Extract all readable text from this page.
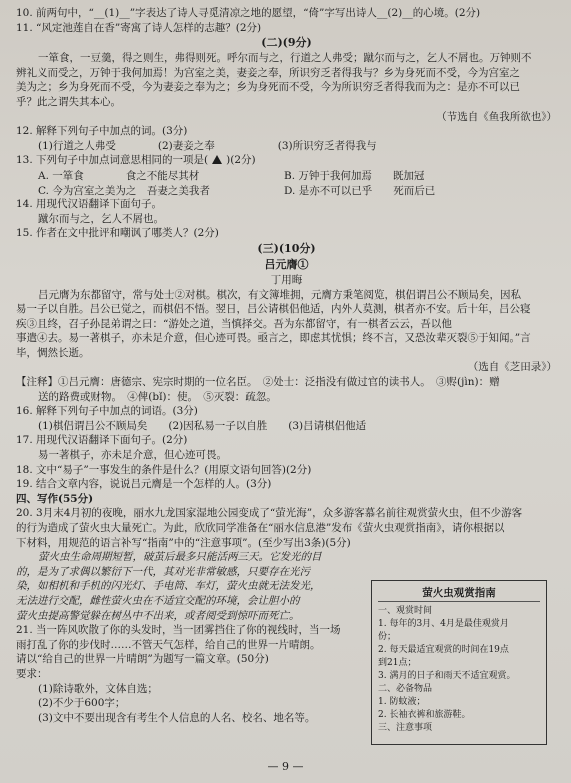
10. 前两句中，“__(1)__”字表达了诗人寻觅清凉之地的愿望，“倚”字写出诗人__(2)__的心境。(2分)
11. “风定池莲自在香”寄寓了诗人怎样的志趣？(2分)
(二)(9分)
一箪食，一豆羹，得之则生，弗得则死。呼尔而与之，行道之人弗受；蹴尔而与之，乞人不屑也。万钟则不
辨礼义而受之，万钟于我何加焉！为宫室之美，妻妾之奉，所识穷乏者得我与？乡为身死而不受，今为宫室之
美为之；乡为身死而不受，今为妻妾之奉为之；乡为身死而不受，今为所识穷乏者得我而为之：是亦不可以已
乎？此之谓失其本心。
（节选自《鱼我所欲也》）
12. 解释下列句子中加点的词。(3分)
(1)行道之人弗受　　　　(2)妻妾之奉　　　　　　(3)所识穷乏者得我与
13. 下列句子中加点词意思相同的一项是( )(2分)
A. 一箪食　　　　食之不能尽其材	B. 万钟于我何加焉　　既加冠
C. 今为宫室之美为之　吾妻之美我者	D. 是亦不可以已乎　　死而后已
14. 用现代汉语翻译下面句子。
蹴尔而与之，乞人不屑也。
15. 作者在文中批评和嘲讽了哪类人？(2分)
(三)(10分)
吕元膺①
丁用晦
吕元膺为东都留守，常与处士②对棋。棋次，有文簿堆拥，元膺方秉笔阅览，棋侣谓吕公不顾局矣，因私
易一子以自胜。吕公已觉之，而棋侣不悟。翌日，吕公请棋侣他适，内外人莫测，棋者亦不安。后十年，吕公寝
疾③且终，召子孙昆弟谓之曰：“游处之道，当慎择交。吾为东都留守，有一棋者云云，吾以他
事遣④去。易一著棋子，亦未足介意，但心迹可畏。亟言之，即虑其忧惧；终不言，又恐汝辈灭裂⑤于知闻。”言
毕，惆然长逝。
（选自《芝田录》）
【注释】①吕元膺：唐德宗、宪宗时期的一位名臣。　②处士：泛指没有做过官的读书人。　③赆(jìn)：赠
送的路费或财物。　④俾(bǐ)：使。　⑤灭裂：疏忽。
16. 解释下列句子中加点的词语。(3分)
(1)棋侣谓吕公不顾局矣　　(2)因私易一子以自胜　　(3)吕请棋侣他适
17. 用现代汉语翻译下面句子。(2分)
易一著棋子，亦未足介意，但心迹可畏。
18. 文中“易子”一事发生的条件是什么？(用原文语句回答)(2分)
19. 结合文章内容，说说吕元膺是一个怎样的人。(3分)
四、写作(55分)
20. 3月末4月初的夜晚，丽水九龙国家湿地公园变成了“萤光海”，众多游客慕名前往观赏萤火虫，但不少游客
的行为造成了萤火虫大量死亡。为此，欣欣同学准备在“丽水信息港”发布《萤火虫观赏指南》，请你根据以
下材料，用规范的语言补写“指南”中的“注意事项”。(至少写出3条)(5分)
萤火虫生命周期短暂，破茧后最多只能活两三天。它发光的目
的，是为了求偶以繁衍下一代，其对光非常敏感，只要存在光污
染，如相机和手机的闪光灯、手电筒、车灯，萤火虫就无法发光，
无法进行交配，雌性萤火虫在不适宜交配的环境，会让胆小的
萤火虫提高警觉躲在树丛中不出来，或者阅受到惊吓而死亡。
21. 当一阵风吹散了你的头发时，当一团雾挡住了你的视线时，当一场
雨打乱了你的步伐时……不管天气怎样，给自己的世界一片晴朗。
请以“给自己的世界一片晴朗”为题写一篇文章。(50分)
要求：
(1)除诗歌外，文体自选；
(2)不少于600字；
(3)文中不要出现含有考生个人信息的人名、校名、地名等。
萤火虫观赏指南
一、观赏时间
1. 每年的3月、4月是最佳观赏月
份；
2. 每天最适宜观赏的时间在19点
到21点；
3. 满月的日子和雨天不适宜观赏。
二、必备物品
1. 防蚊液；
2. 长袖衣裤和旅游鞋。
三、注意事项
— 9 —
